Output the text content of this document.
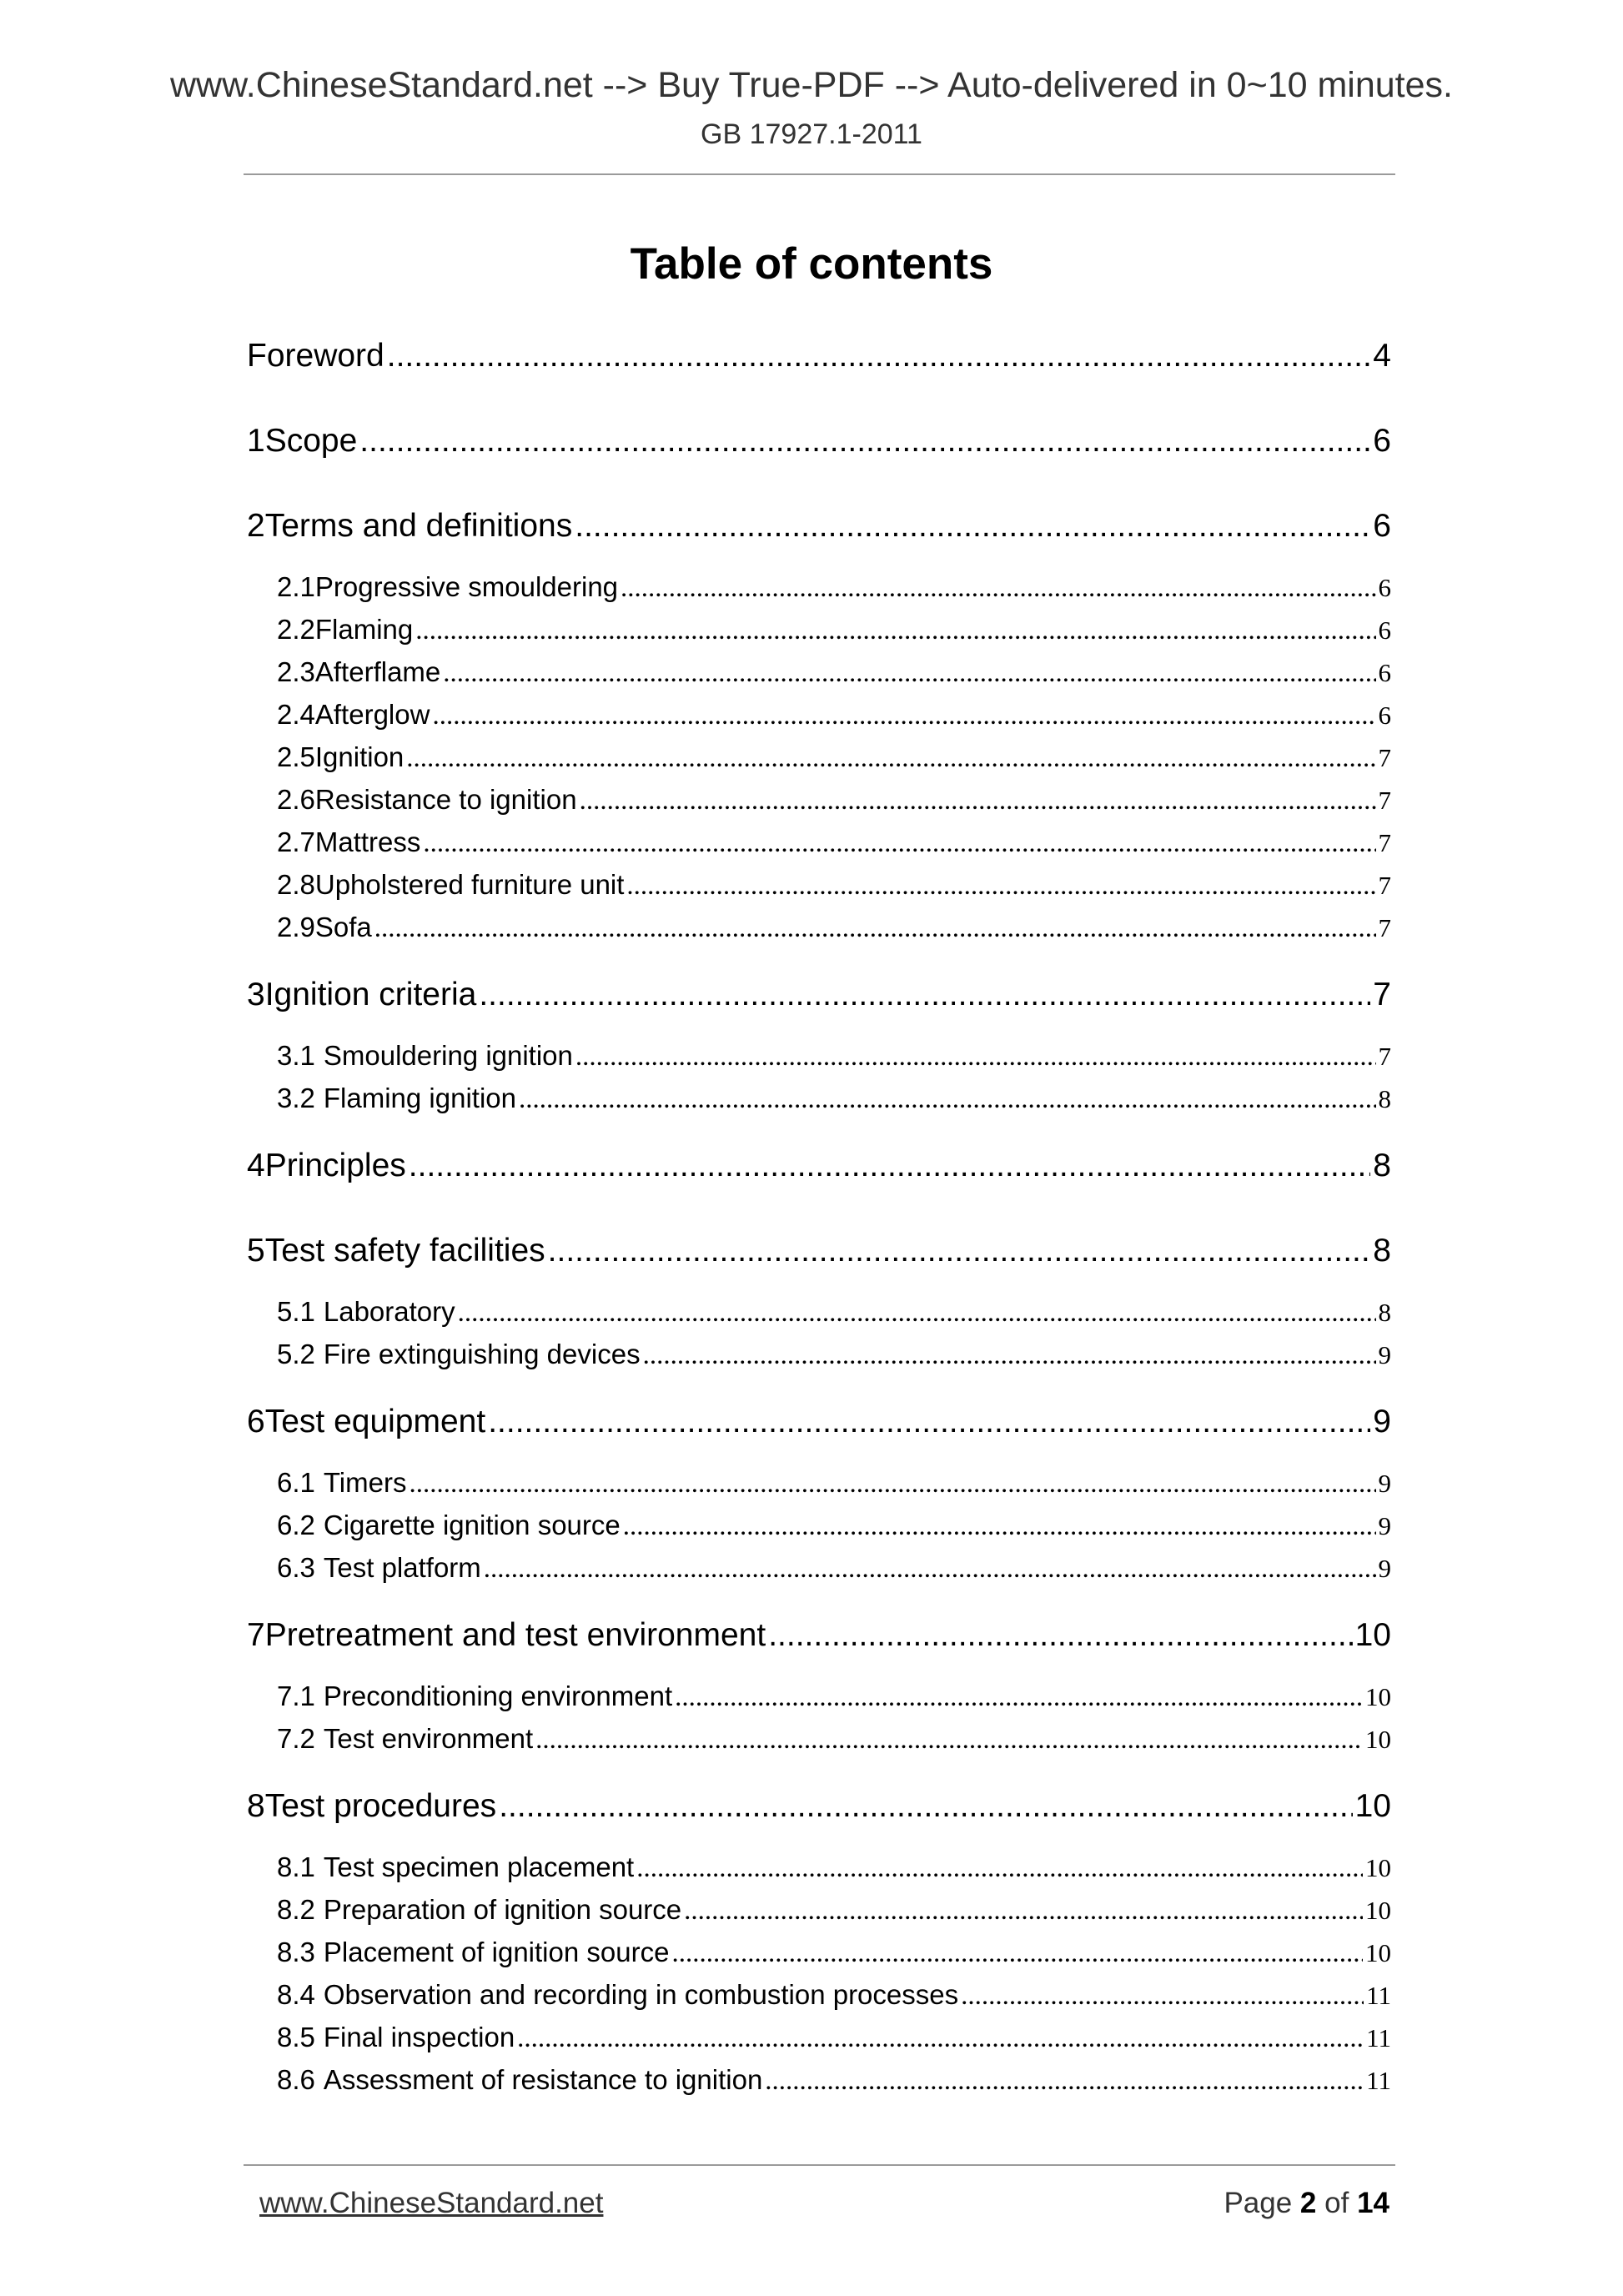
www.ChineseStandard.net --> Buy True-PDF --> Auto-delivered in 0~10 minutes.
GB 17927.1-2011
Table of contents
Foreword .....	4
1 Scope .....	6
2 Terms and definitions .....	6
2.1 Progressive smouldering .....	6
2.2 Flaming .....	6
2.3 Afterflame .....	6
2.4 Afterglow .....	6
2.5 Ignition .....	7
2.6 Resistance to ignition .....	7
2.7 Mattress .....	7
2.8 Upholstered furniture unit .....	7
2.9 Sofa .....	7
3 Ignition criteria .....	7
3.1 Smouldering ignition .....	7
3.2 Flaming ignition .....	8
4 Principles .....	8
5 Test safety facilities .....	8
5.1 Laboratory .....	8
5.2 Fire extinguishing devices .....	9
6 Test equipment .....	9
6.1 Timers .....	9
6.2 Cigarette ignition source .....	9
6.3 Test platform .....	9
7 Pretreatment and test environment .....	10
7.1 Preconditioning environment .....	10
7.2 Test environment .....	10
8 Test procedures .....	10
8.1 Test specimen placement .....	10
8.2 Preparation of ignition source .....	10
8.3 Placement of ignition source .....	10
8.4 Observation and recording in combustion processes .....	11
8.5 Final inspection .....	11
8.6 Assessment of resistance to ignition .....	11
www.ChineseStandard.net	Page 2 of 14
